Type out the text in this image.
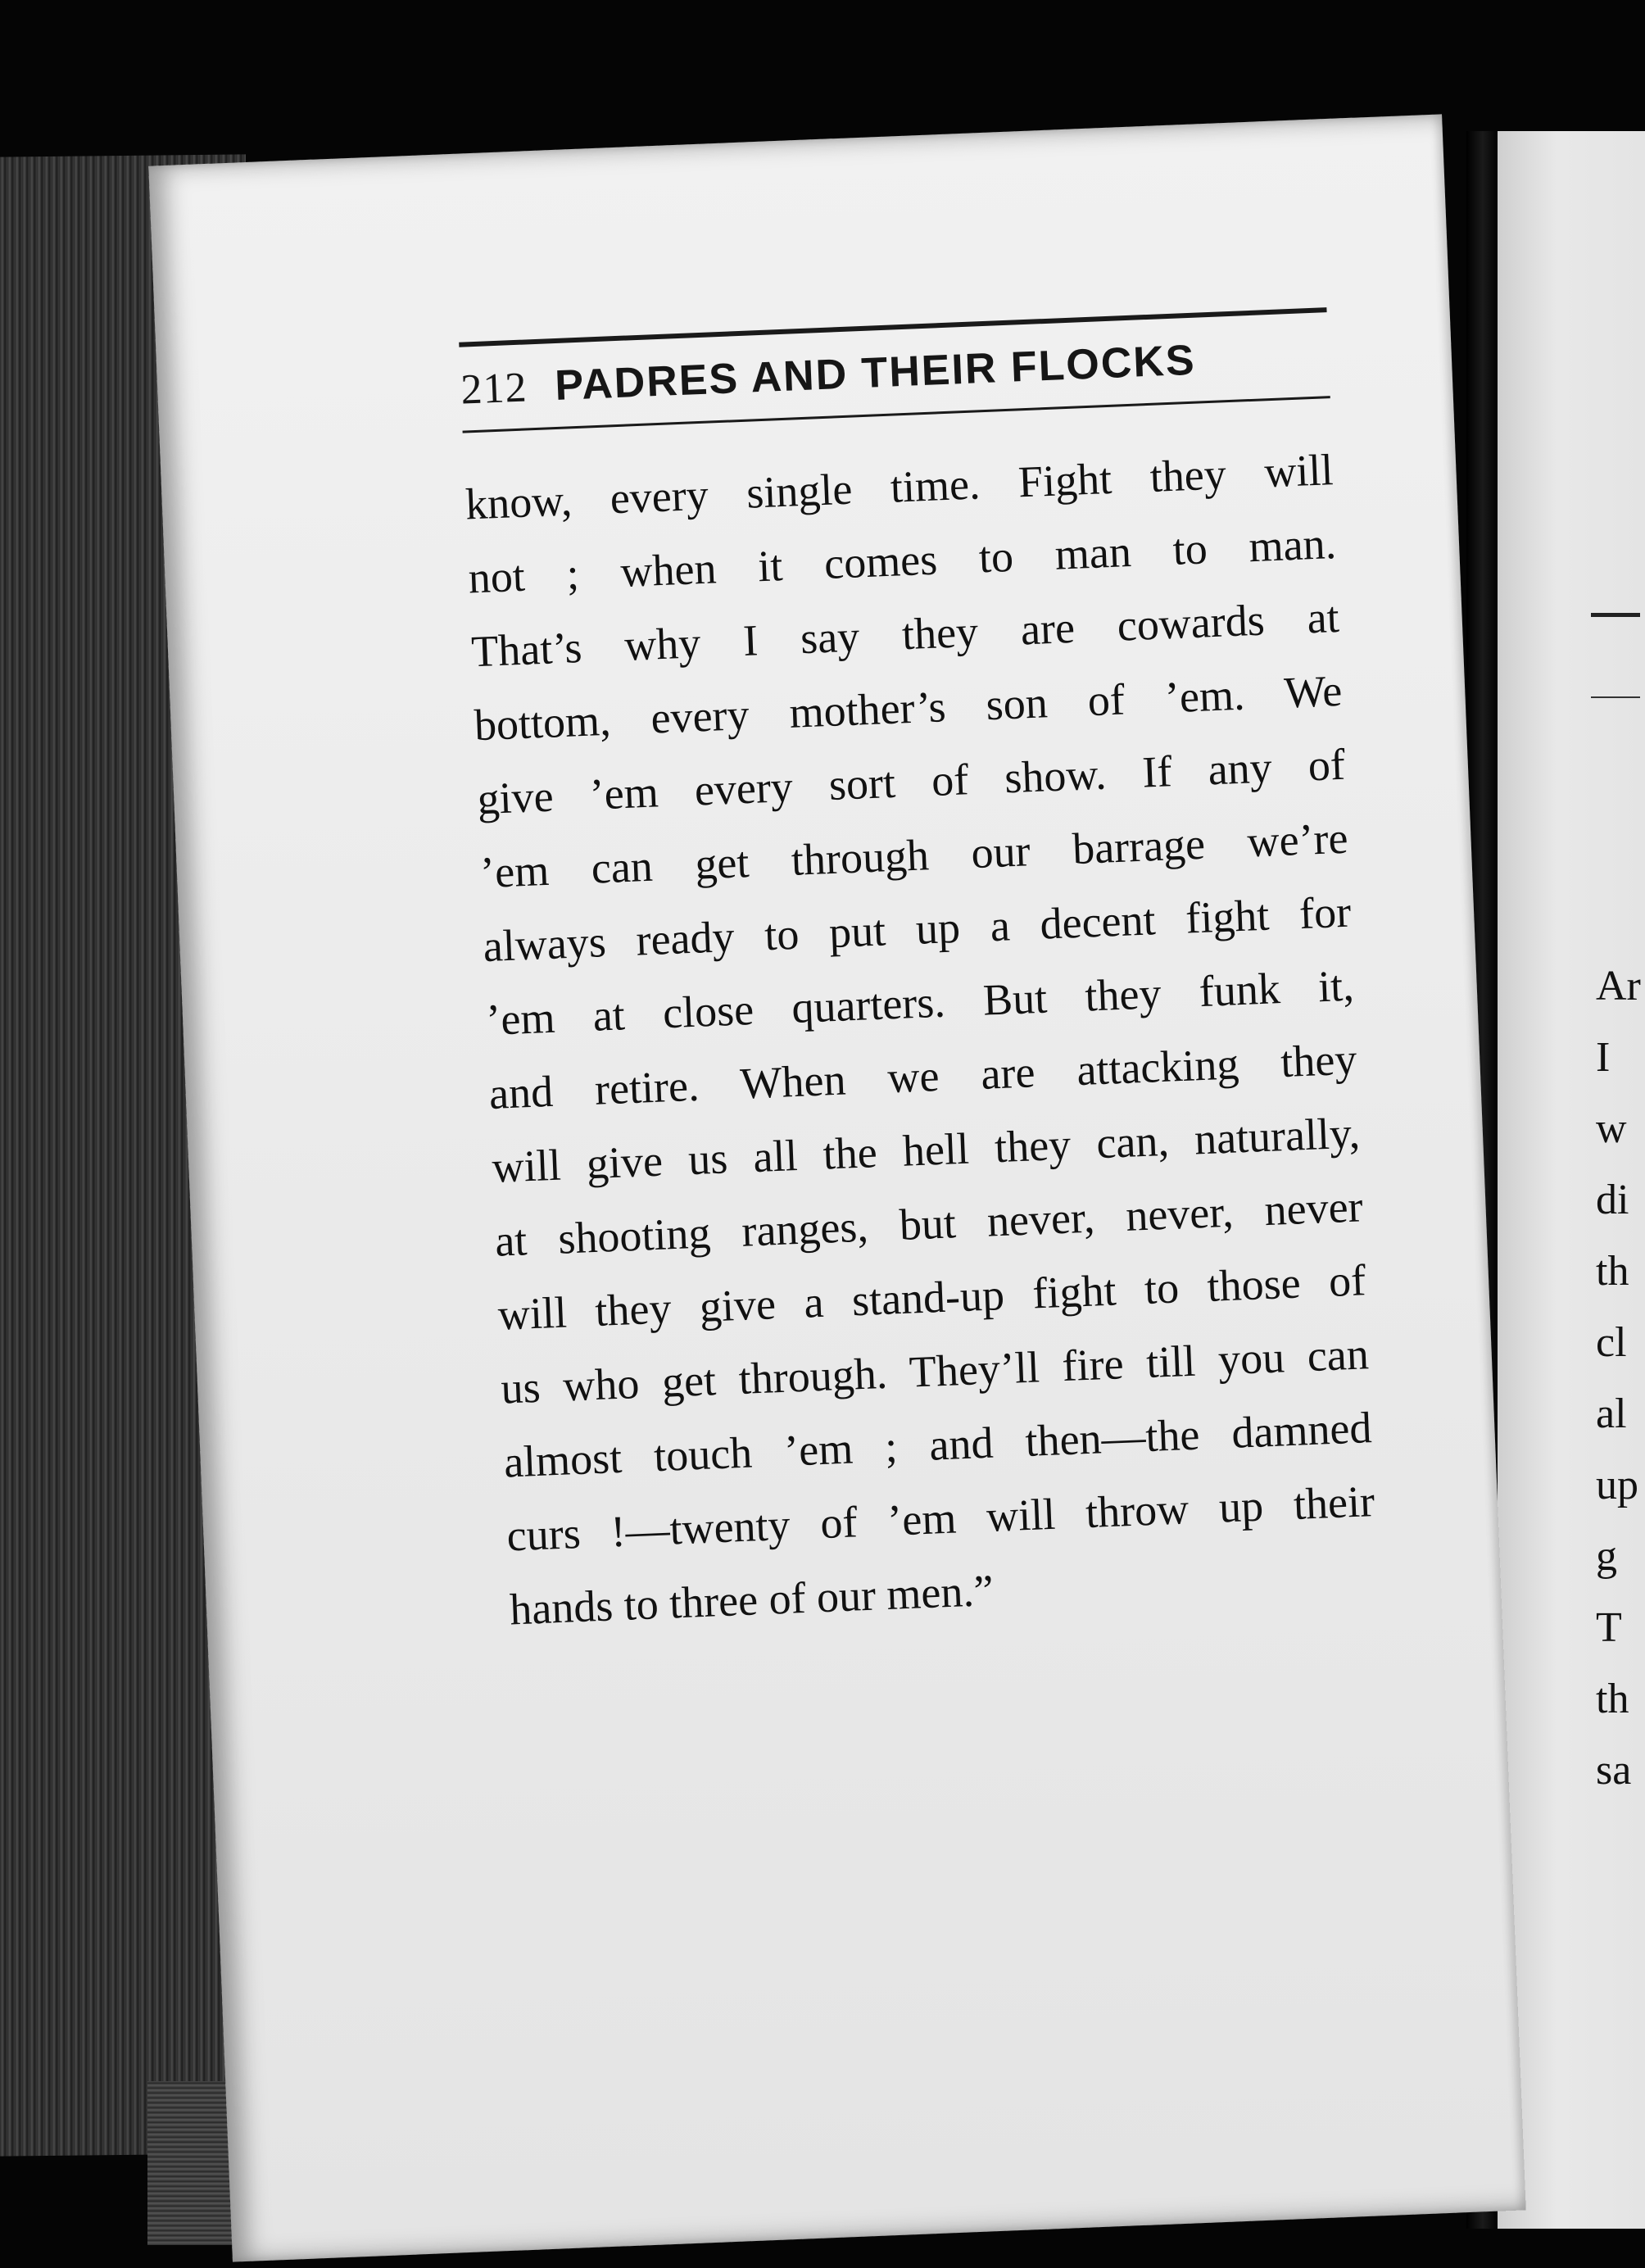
Ar
I
w
di
th
cl
al
up
g
T
th
sa
212 PADRES AND THEIR FLOCKS

know, every single time. Fight they will
not ; when it comes to man to man.
That’s why I say they are cowards at
bottom, every mother’s son of ’em. We
give ’em every sort of show. If any of
’em can get through our barrage we’re
always ready to put up a decent fight for
’em at close quarters. But they funk it,
and retire. When we are attacking they
will give us all the hell they can, naturally,
at shooting ranges, but never, never, never
will they give a stand-up fight to those of
us who get through. They’ll fire till you can
almost touch ’em ; and then—the damned
curs !—twenty of ’em will throw up their
hands to three of our men.”
